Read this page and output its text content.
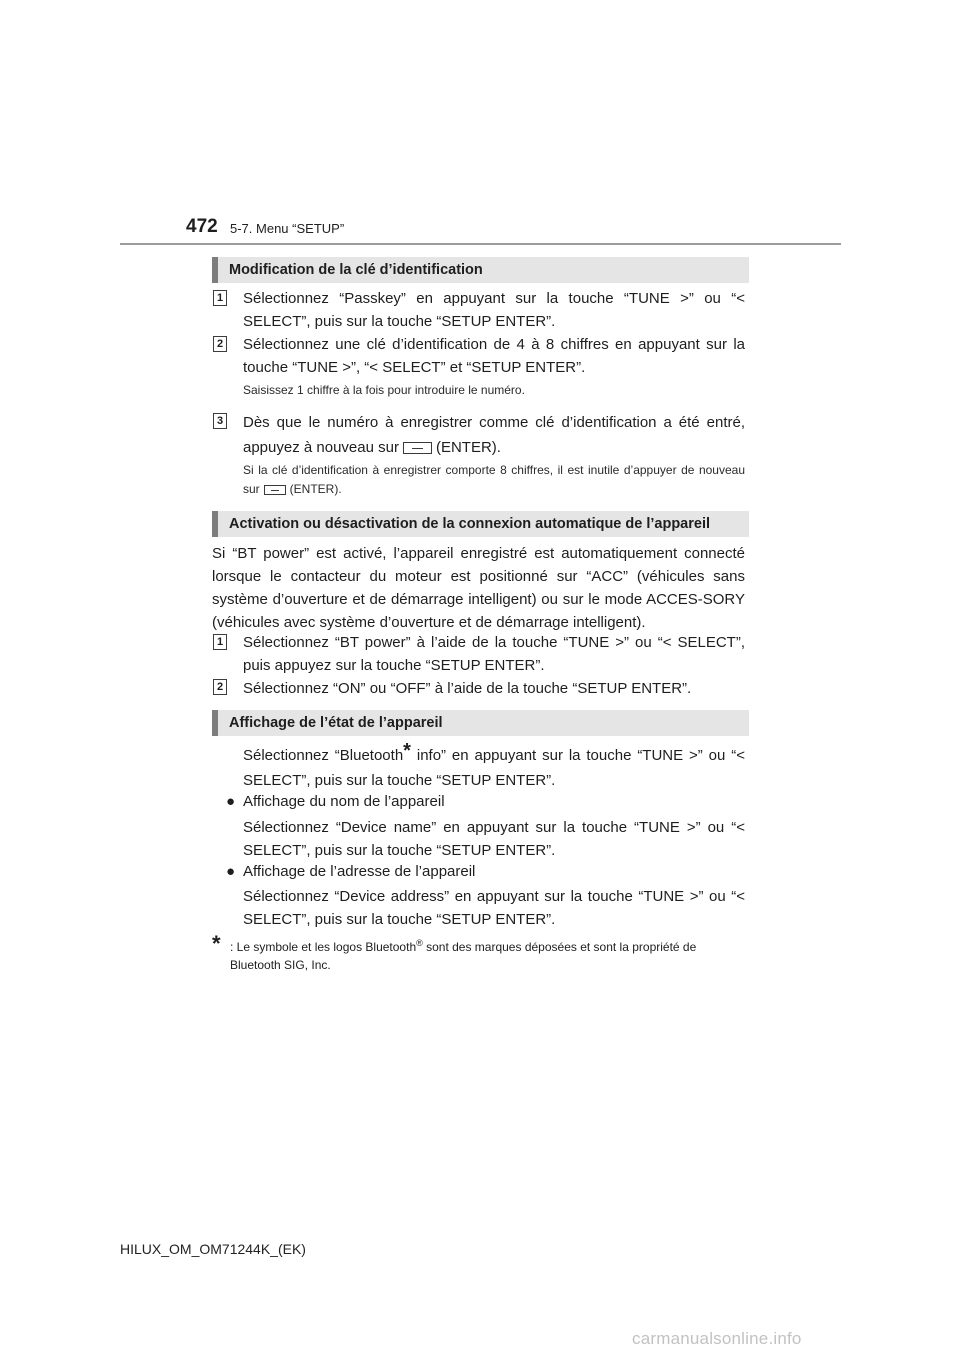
472 5-7. Menu “SETUP”
Modification de la clé d’identification
1 Sélectionnez “Passkey” en appuyant sur la touche “TUNE >” ou “< SELECT”, puis sur la touche “SETUP ENTER”.

2 Sélectionnez une clé d’identification de 4 à 8 chiffres en appuyant sur la touche “TUNE >”, “< SELECT” et “SETUP ENTER”.

Saisissez 1 chiffre à la fois pour introduire le numéro.

3 Dès que le numéro à enregistrer comme clé d’identification a été entré, appuyez à nouveau sur (ENTER).

Si la clé d’identification à enregistrer comporte 8 chiffres, il est inutile d’appuyer de nouveau sur	(ENTER).

Activation ou désactivation de la connexion automatique de l’appareil

Si “BT power” est activé, l’appareil enregistré est automatiquement connecté lorsque le contacteur du moteur est positionné sur “ACC” (véhicules sans système d’ouverture et de démarrage intelligent) ou sur le mode ACCES-SORY (véhicules avec système d’ouverture et de démarrage intelligent).

1 Sélectionnez “BT power” à l’aide de la touche “TUNE >” ou “< SELECT”, puis appuyez sur la touche “SETUP ENTER”.

2 Sélectionnez “ON” ou “OFF” à l’aide de la touche “SETUP ENTER”.

Affichage de l’état de l’appareil

Sélectionnez “Bluetooth* info” en appuyant sur la touche “TUNE >” ou “< SELECT”, puis sur la touche “SETUP ENTER”.

● Affichage du nom de l’appareil

Sélectionnez “Device name” en appuyant sur la touche “TUNE >” ou “< SELECT”, puis sur la touche “SETUP ENTER”.

● Affichage de l’adresse de l’appareil

Sélectionnez “Device address” en appuyant sur la touche “TUNE >” ou “< SELECT”, puis sur la touche “SETUP ENTER”.

* : Le symbole et les logos Bluetooth® sont des marques déposées et sont la propriété de Bluetooth SIG, Inc.

HILUX_OM_OM71244K_(EK)
carmanualsonline.info
